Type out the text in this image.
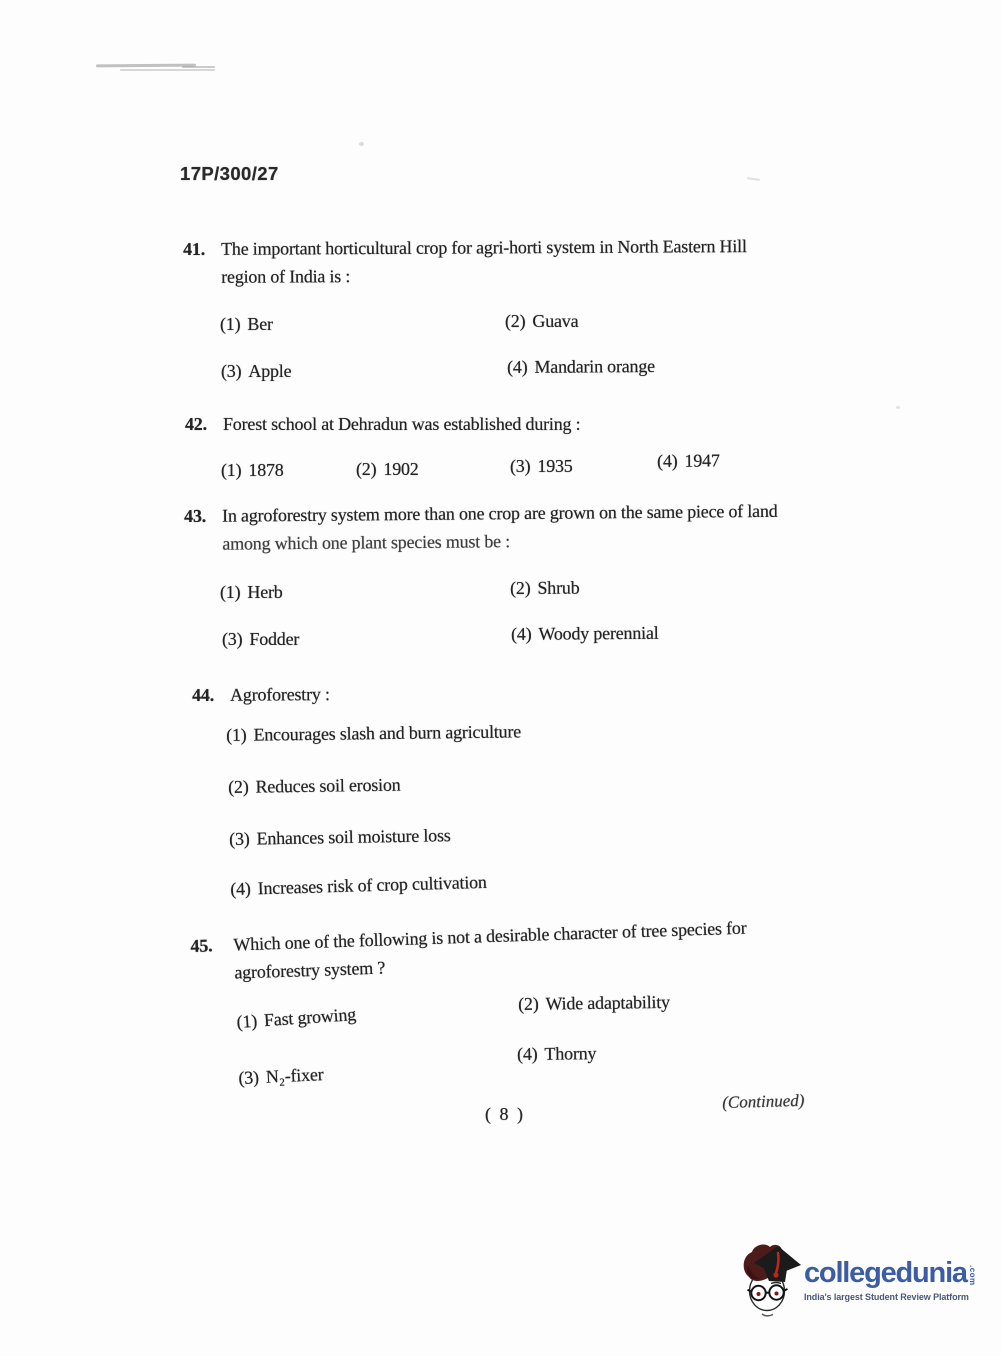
17P/300/27
41. The important horticultural crop for agri-horti system in North Eastern Hill
region of India is :
(1) Ber	(2) Guava
(3) Apple	(4) Mandarin orange
42. Forest school at Dehradun was established during :
(1) 1878	(2) 1902	(3) 1935	(4) 1947
43. In agroforestry system more than one crop are grown on the same piece of land
among which one plant species must be :
(1) Herb	(2) Shrub
(3) Fodder	(4) Woody perennial
44. Agroforestry :
(1) Encourages slash and burn agriculture
(2) Reduces soil erosion
(3) Enhances soil moisture loss
(4) Increases risk of crop cultivation
45.	Which one of the following is not a desirable character of tree species for
agroforestry system ?
(1) Fast growing
(2) Wide adaptability
(3) N₂-fixer
(4) Thorny
( 8 )
(Continued)
collegedunia .com
India's largest Student Review Platform
